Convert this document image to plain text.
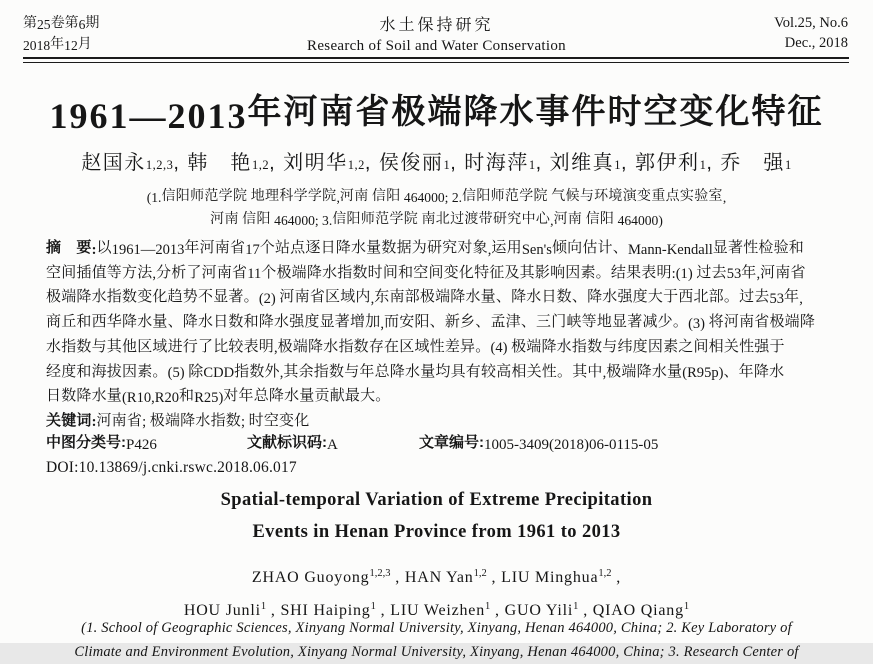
第25卷第6期
2018年12月
水土保持研究
Research of Soil and Water Conservation
Vol.25, No.6
Dec., 2018
1961—2013年河南省极端降水事件时空变化特征
赵国永1,2,3, 韩　艳1,2, 刘明华1,2, 侯俊丽1, 时海萍1, 刘维真1, 郭伊利1, 乔　强1
(1.信阳师范学院 地理科学学院,河南 信阳 464000; 2.信阳师范学院 气候与环境演变重点实验室,
河南 信阳 464000; 3.信阳师范学院 南北过渡带研究中心,河南 信阳 464000)
摘　要:以1961—2013年河南省17个站点逐日降水量数据为研究对象,运用Sen's倾向估计、Mann-Kendall显著性检验和
空间插值等方法,分析了河南省11个极端降水指数时间和空间变化特征及其影响因素。结果表明:(1) 过去53年,河南省
极端降水指数变化趋势不显著。(2) 河南省区域内,东南部极端降水量、降水日数、降水强度大于西北部。过去53年,
商丘和西华降水量、降水日数和降水强度显著增加,而安阳、新乡、孟津、三门峡等地显著减少。(3) 将河南省极端降
水指数与其他区域进行了比较表明,极端降水指数存在区域性差异。(4) 极端降水指数与纬度因素之间相关性强于
经度和海拔因素。(5) 除CDD指数外,其余指数与年总降水量均具有较高相关性。其中,极端降水量(R95p)、年降水
日数降水量(R10,R20和R25)对年总降水量贡献最大。
关键词:河南省; 极端降水指数; 时空变化
中图分类号:P426	文献标识码:A	文章编号:1005-3409(2018)06-0115-05
DOI:10.13869/j.cnki.rswc.2018.06.017
Spatial-temporal Variation of Extreme Precipitation
Events in Henan Province from 1961 to 2013
ZHAO Guoyong$^{1,2,3}$ , HAN Yan$^{1,2}$ , LIU Minghua$^{1,2}$ ,
HOU Junli$^1$ , SHI Haiping$^1$ , LIU Weizhen$^1$ , GUO Yili$^1$ , QIAO Qiang$^1$
(1. School of Geographic Sciences, Xinyang Normal University, Xinyang, Henan 464000, China; 2. Key Laboratory of
Climate and Environment Evolution, Xinyang Normal University, Xinyang, Henan 464000, China; 3. Research Center of
